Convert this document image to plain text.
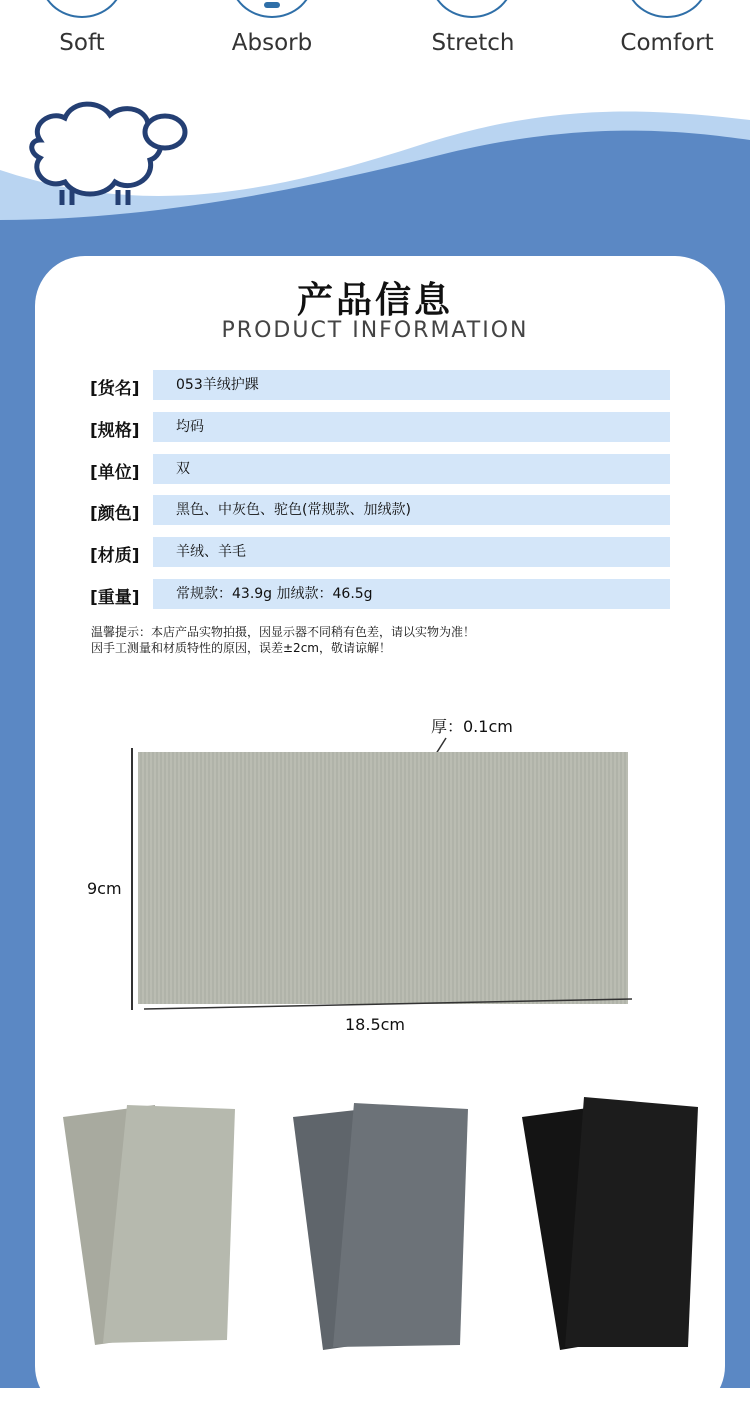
Soft	Absorb	Stretch	Comfort
产品信息
PRODUCT INFORMATION
[货名]	053羊绒护踝
[规格]	均码
[单位]	双
[颜色]	黑色、中灰色、驼色(常规款、加绒款)
[材质]	羊绒、羊毛
[重量]	常规款：43.9g 加绒款：46.5g
温馨提示：本店产品实物拍摄，因显示器不同稍有色差，请以实物为准！
因手工测量和材质特性的原因，误差±2cm，敬请谅解！
厚：0.1cm
9cm
18.5cm
